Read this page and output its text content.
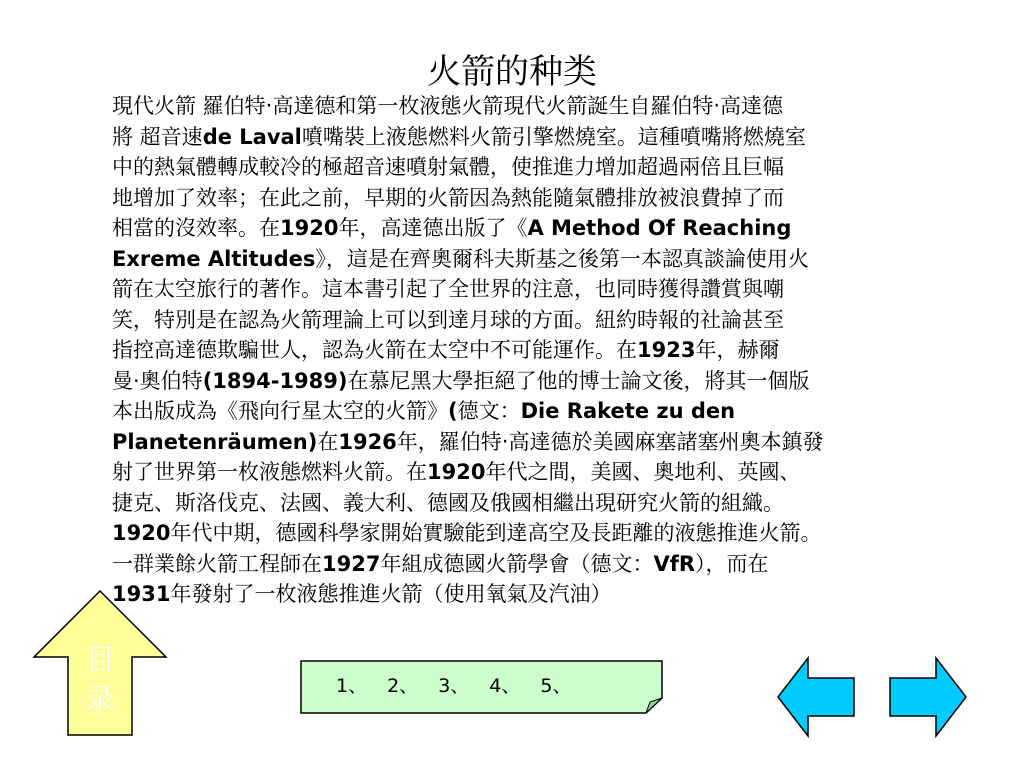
火箭的种类
現代火箭 羅伯特‧高達德和第一枚液態火箭現代火箭誕生自羅伯特‧高達德
將 超音速de Laval噴嘴裝上液態燃料火箭引擎燃燒室。這種噴嘴將燃燒室
中的熱氣體轉成較冷的極超音速噴射氣體，使推進力增加超過兩倍且巨幅
地增加了效率；在此之前，早期的火箭因為熱能隨氣體排放被浪費掉了而
相當的沒效率。在1920年，高達德出版了《A Method Of Reaching
Exreme Altitudes》，這是在齊奧爾科夫斯基之後第一本認真談論使用火
箭在太空旅行的著作。這本書引起了全世界的注意，也同時獲得讚賞與嘲
笑，特別是在認為火箭理論上可以到達月球的方面。紐約時報的社論甚至
指控高達德欺騙世人，認為火箭在太空中不可能運作。在1923年，赫爾
曼·奧伯特(1894-1989)在慕尼黑大學拒絕了他的博士論文後，將其一個版
本出版成為《飛向行星太空的火箭》(德文：Die Rakete zu den
Planetenräumen)在1926年，羅伯特‧高達德於美國麻塞諸塞州奧本鎮發
射了世界第一枚液態燃料火箭。在1920年代之間，美國、奧地利、英國、
捷克、斯洛伐克、法國、義大利、德國及俄國相繼出現研究火箭的組織。
1920年代中期，德國科學家開始實驗能到達高空及長距離的液態推進火箭。
一群業餘火箭工程師在1927年組成德國火箭學會（德文：VfR），而在
1931年發射了一枚液態推進火箭（使用氧氣及汽油）
目
录	1、 2、 3、 4、 5、
